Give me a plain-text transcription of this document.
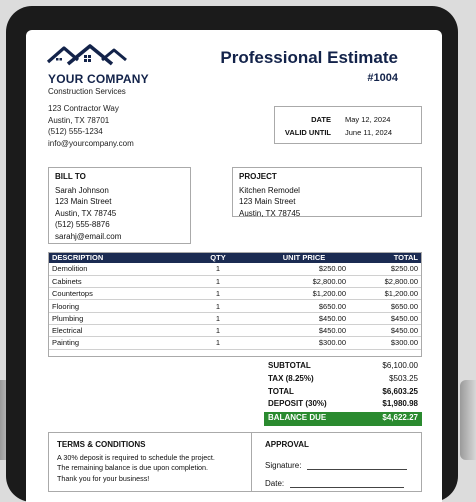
YOUR COMPANY
Construction Services
123 Contractor Way
Austin, TX 78701
(512) 555-1234
info@yourcompany.com
Professional Estimate
#1004
DATE May 12, 2024
VALID UNTIL June 11, 2024
BILL TO
Sarah Johnson
123 Main Street
Austin, TX 78745
(512) 555-8876
sarahj@email.com
PROJECT
Kitchen Remodel
123 Main Street
Austin, TX 78745
DESCRIPTION	QTY	UNIT PRICE	TOTAL
Demolition	1	$250.00	$250.00
Cabinets	1	$2,800.00	$2,800.00
Countertops	1	$1,200.00	$1,200.00
Flooring	1	$650.00	$650.00
Plumbing	1	$450.00	$450.00
Electrical	1	$450.00	$450.00
Painting	1	$300.00	$300.00
SUBTOTAL	$6,100.00
TAX (8.25%)	$503.25
TOTAL	$6,603.25
DEPOSIT (30%)	$1,980.98
BALANCE DUE	$4,622.27
TERMS & CONDITIONS
A 30% deposit is required to schedule the project.
The remaining balance is due upon completion.
Thank you for your business!
APPROVAL
Signature:
Date:
